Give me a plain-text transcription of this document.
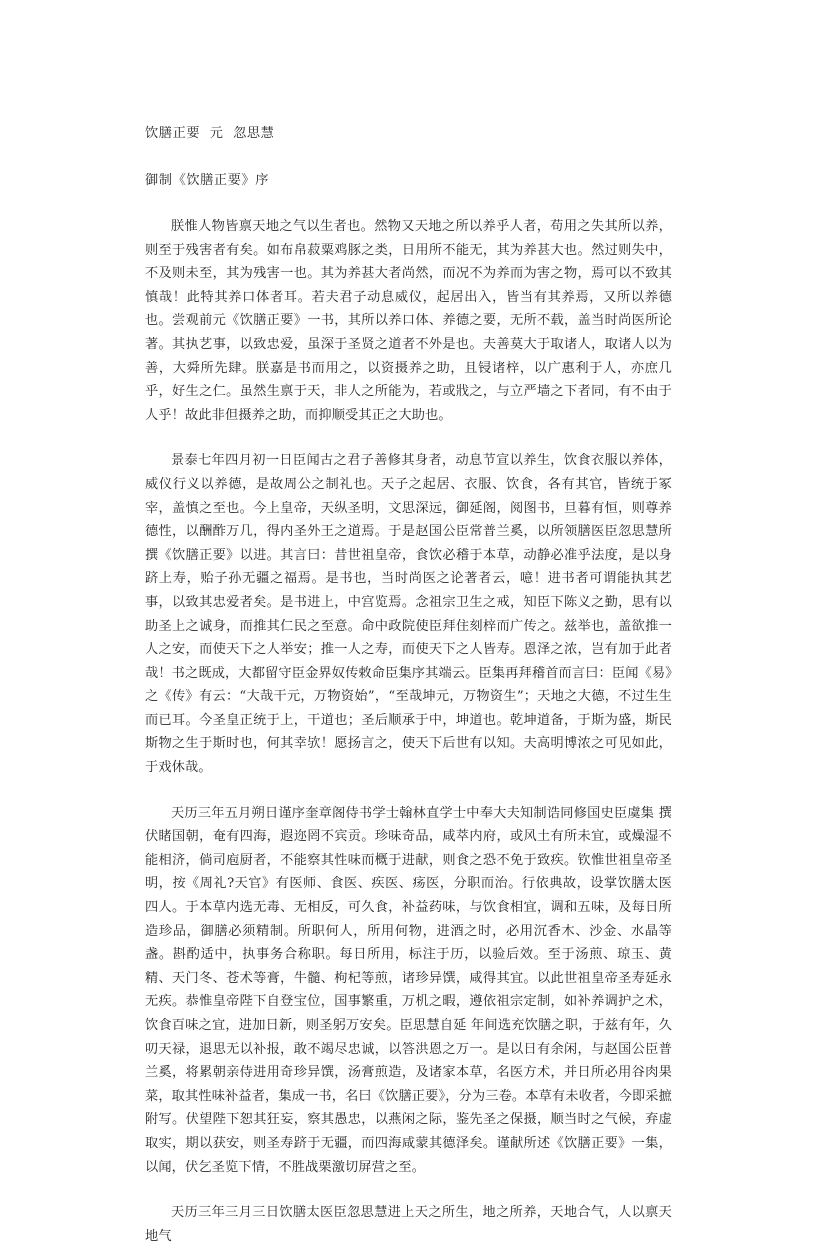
饮膳正要  元  忽思慧
御制《饮膳正要》序

朕惟人物皆禀天地之气以生者也。然物又天地之所以养乎人者，苟用之失其所以养，则至于残害者有矣。如布帛菽粟鸡豚之类，日用所不能无，其为养甚大也。然过则失中，不及则未至，其为残害一也。其为养甚大者尚然，而况不为养而为害之物，焉可以不致其慎哉！此特其养口体者耳。若夫君子动息威仪，起居出入，皆当有其养焉，又所以养德也。尝观前元《饮膳正要》一书，其所以养口体、养德之要，无所不载，盖当时尚医所论著。其执艺事，以致忠爱，虽深于圣贤之道者不外是也。夫善莫大于取诸人，取诸人以为善，大舜所先肆。朕嘉是书而用之，以资摄养之助，且锓诸梓，以广惠利于人，亦庶几乎，好生之仁。虽然生禀于天，非人之所能为，若或戕之，与立严墙之下者同，有不由于人乎！故此非但摄养之助，而抑顺受其正之大助也。

景泰七年四月初一日臣闻古之君子善修其身者，动息节宣以养生，饮食衣服以养体，威仪行义以养德，是故周公之制礼也。天子之起居、衣服、饮食，各有其官，皆统于冢宰，盖慎之至也。今上皇帝，天纵圣明，文思深远，御延阁，阅图书，旦暮有恒，则尊养德性，以酬酢万几，得内圣外王之道焉。于是赵国公臣常普兰奚，以所领膳医臣忽思慧所撰《饮膳正要》以进。其言曰：昔世祖皇帝，食饮必稽于本草，动静必准乎法度，是以身跻上寿，贻子孙无疆之福焉。是书也，当时尚医之论著者云，噫！进书者可谓能执其艺事，以致其忠爱者矣。是书进上，中宫览焉。念祖宗卫生之戒，知臣下陈义之勤，思有以助圣上之诚身，而推其仁民之至意。命中政院使臣拜住刻梓而广传之。兹举也，盖欲推一人之安，而使天下之人举安；推一人之寿，而使天下之人皆寿。恩泽之浓，岂有加于此者哉！书之既成，大都留守臣金界奴传敕命臣集序其端云。臣集再拜稽首而言曰：臣闻《易》之《传》有云：“大哉干元，万物资始”，“至哉坤元，万物资生”；天地之大德，不过生生而已耳。今圣皇正统于上，干道也；圣后顺承于中，坤道也。乾坤道备，于斯为盛，斯民斯物之生于斯时也，何其幸欤！愿扬言之，使天下后世有以知。夫高明博浓之可见如此，于戏休哉。

天历三年五月朔日谨序奎章阁侍书学士翰林直学士中奉大夫知制诰同修国史臣虞集 撰伏睹国朝，奄有四海，遐迩罔不宾贡。珍味奇品，咸萃内府，或风土有所未宜，或燥湿不能相济，倘司庖厨者，不能察其性味而概于进献，则食之恐不免于致疾。钦惟世祖皇帝圣明，按《周礼?天官》有医师、食医、疾医、疡医，分职而治。行依典故，设掌饮膳太医四人。于本草内选无毒、无相反，可久食，补益药味，与饮食相宜，调和五味，及每日所造珍品，御膳必须精制。所职何人，所用何物，进酒之时，必用沉香木、沙金、水晶等盏。斟酌适中，执事务合称职。每日所用，标注于历，以验后效。至于汤煎、琼玉、黄精、天门冬、苍术等膏，牛髓、枸杞等煎，诸珍异馔，咸得其宜。以此世祖皇帝圣寿延永无疾。恭惟皇帝陛下自登宝位，国事繁重，万机之暇，遵依祖宗定制，如补养调护之术，饮食百味之宜，进加日新，则圣躬万安矣。臣思慧自延 年间选充饮膳之职，于兹有年，久叨天禄，退思无以补报，敢不竭尽忠诚，以答洪恩之万一。是以日有余闲，与赵国公臣普兰奚，将累朝亲侍进用奇珍异馔，汤膏煎造，及诸家本草，名医方术，并日所必用谷肉果菜，取其性味补益者，集成一书，名曰《饮膳正要》，分为三卷。本草有未收者，今即采摭附写。伏望陛下恕其狂妄，察其愚忠，以燕闲之际，鉴先圣之保摄，顺当时之气候，弃虚取实，期以获安，则圣寿跻于无疆，而四海咸蒙其德泽矣。谨献所述《饮膳正要》一集，以闻，伏乞圣览下情，不胜战栗激切屏营之至。

天历三年三月三日饮膳太医臣忽思慧进上天之所生，地之所养，天地合气，人以禀天地气
